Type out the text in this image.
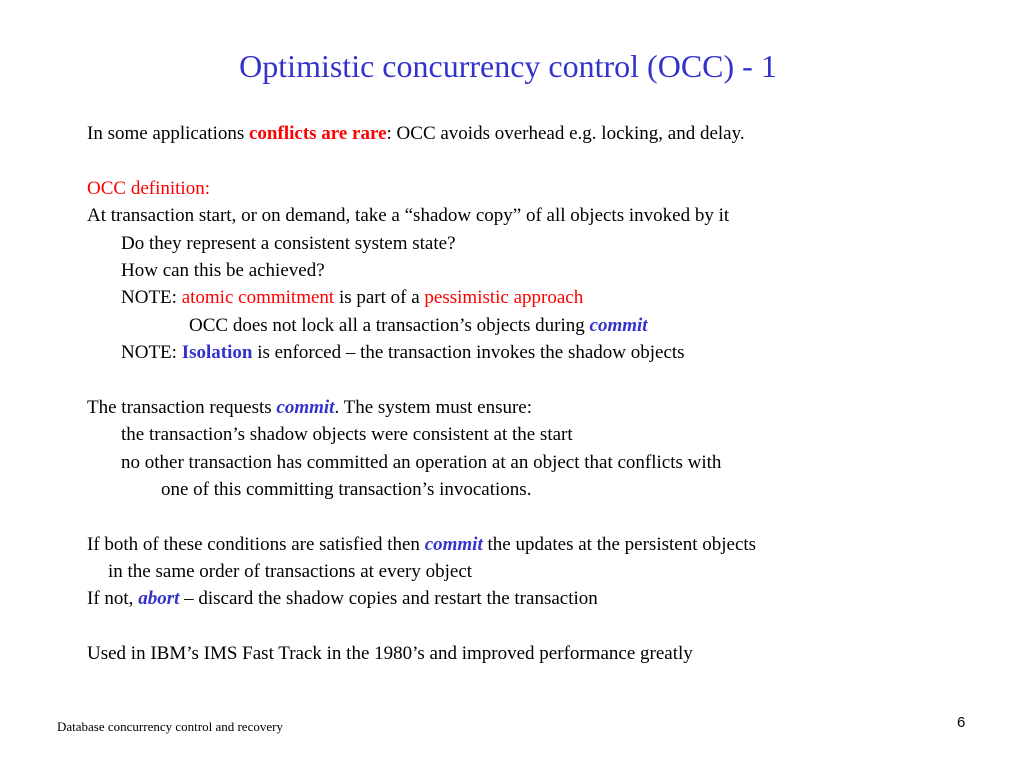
Optimistic concurrency control (OCC) - 1
In some applications conflicts are rare: OCC avoids overhead e.g. locking, and delay.
OCC definition:
At transaction start, or on demand, take a “shadow copy” of all objects invoked by it
Do they represent a consistent system state?
How can this be achieved?
NOTE: atomic commitment is part of a pessimistic approach
OCC does not lock all a transaction’s objects during commit
NOTE: Isolation is enforced – the transaction invokes the shadow objects
The transaction requests commit. The system must ensure:
the transaction’s shadow objects were consistent at the start
no other transaction has committed an operation at an object that conflicts with
one of this committing transaction’s invocations.
If both of these conditions are satisfied then commit the updates at the persistent objects
in the same order of transactions at every object
If not, abort – discard the shadow copies and restart the transaction
Used in IBM’s IMS Fast Track in the 1980’s and improved performance greatly
Database concurrency control and recovery	6
